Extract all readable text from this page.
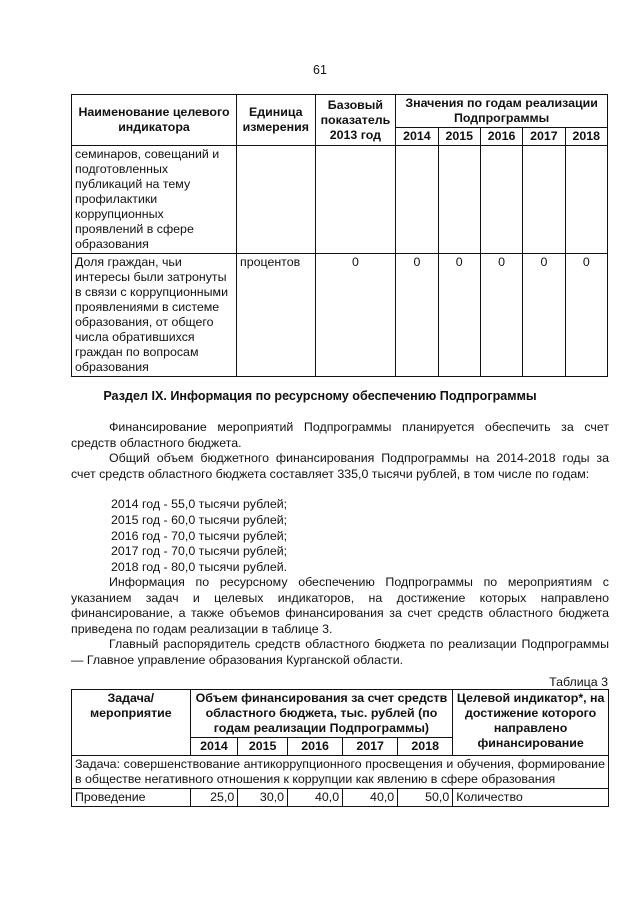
61
Наименование целевого индикатора	Единица измерения	Базовый показатель 2013 год	Значения по годам реализации Подпрограммы				
			2014	2015	2016	2017	2018
семинаров, совещаний и подготовленных публикаций на тему профилактики коррупционных проявлений в сфере образования							
Доля граждан, чьи интересы были затронуты в связи с коррупционными проявлениями в системе образования, от общего числа обратившихся граждан по вопросам образования	процентов	0	0	0	0	0	0
Раздел IX. Информация по ресурсному обеспечению Подпрограммы
Финансирование мероприятий Подпрограммы планируется обеспечить за счет средств областного бюджета.
Общий объем бюджетного финансирования Подпрограммы на 2014-2018 годы за счет средств областного бюджета составляет 335,0 тысячи рублей, в том числе по годам:
2014 год - 55,0 тысячи рублей;
2015 год - 60,0 тысячи рублей;
2016 год - 70,0 тысячи рублей;
2017 год - 70,0 тысячи рублей;
2018 год - 80,0 тысячи рублей.
Информация по ресурсному обеспечению Подпрограммы по мероприятиям с указанием задач и целевых индикаторов, на достижение которых направлено финансирование, а также объемов финансирования за счет средств областного бюджета приведена по годам реализации в таблице 3.
Главный распорядитель средств областного бюджета по реализации Подпрограммы — Главное управление образования Курганской области.
Таблица 3
Задача/ мероприятие	Объем финансирования за счет средств областного бюджета, тыс. рублей (по годам реализации Подпрограммы)					Целевой индикатор*, на достижение которого направлено финансирование
	2014	2015	2016	2017	2018	
Задача: совершенствование антикоррупционного просвещения и обучения, формирование в обществе негативного отношения к коррупции как явлению в сфере образования						
Проведение	25,0	30,0	40,0	40,0	50,0	Количество
